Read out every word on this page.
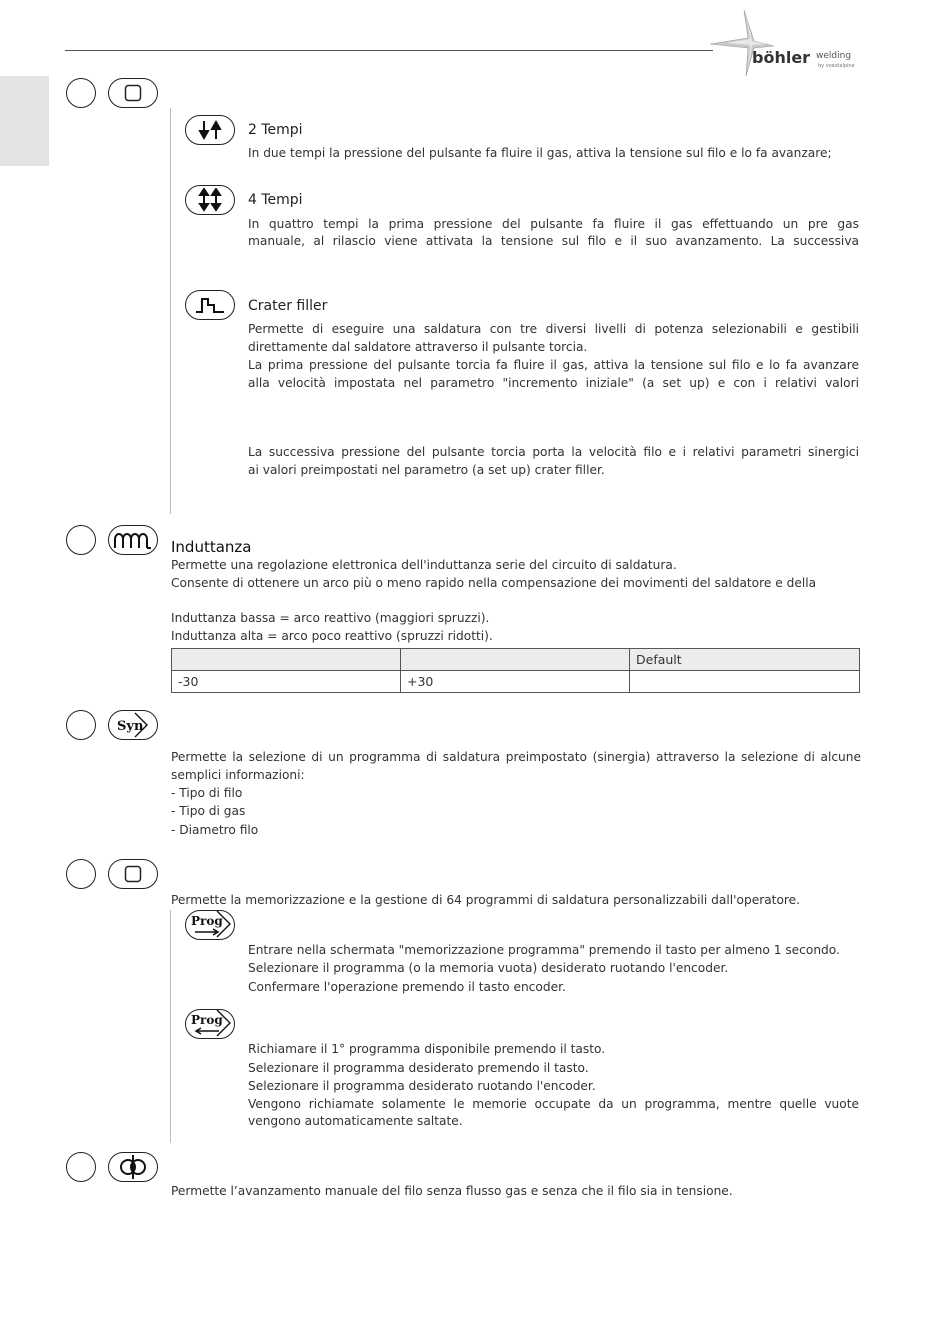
böhler welding
by voestalpine
2 Tempi
In due tempi la pressione del pulsante fa fluire il gas, attiva la tensione sul filo e lo fa avanzare;
4 Tempi
In quattro tempi la prima pressione del pulsante fa fluire il gas effettuando un pre gas
manuale, al rilascio viene attivata la tensione sul filo e il suo avanzamento. La successiva
Crater filler
Permette di eseguire una saldatura con tre diversi livelli di potenza selezionabili e gestibili
direttamente dal saldatore attraverso il pulsante torcia.
La prima pressione del pulsante torcia fa fluire il gas, attiva la tensione sul filo e lo fa avanzare
alla velocità impostata nel parametro "incremento iniziale" (a set up) e con i relativi valori
La successiva pressione del pulsante torcia porta la velocità filo e i relativi parametri sinergici
ai valori preimpostati nel parametro (a set up) crater filler.
Induttanza
Permette una regolazione elettronica dell'induttanza serie del circuito di saldatura.
Consente di ottenere un arco più o meno rapido nella compensazione dei movimenti del saldatore e della
Induttanza bassa = arco reattivo (maggiori spruzzi).
Induttanza alta = arco poco reattivo (spruzzi ridotti).
		Default
-30	+30	
Syn
Permette la selezione di un programma di saldatura preimpostato (sinergia) attraverso la selezione di alcune
semplici informazioni:
- Tipo di filo
- Tipo di gas
- Diametro filo
Permette la memorizzazione e la gestione di 64 programmi di saldatura personalizzabili dall'operatore.
Prog
Entrare nella schermata "memorizzazione programma" premendo il tasto per almeno 1 secondo.
Selezionare il programma (o la memoria vuota) desiderato ruotando l'encoder.
Confermare l'operazione premendo il tasto encoder.
Prog
Richiamare il 1° programma disponibile premendo il tasto.
Selezionare il programma desiderato premendo il tasto.
Selezionare il programma desiderato ruotando l'encoder.
Vengono richiamate solamente le memorie occupate da un programma, mentre quelle vuote
vengono automaticamente saltate.
Permette l’avanzamento manuale del filo senza flusso gas e senza che il filo sia in tensione.
